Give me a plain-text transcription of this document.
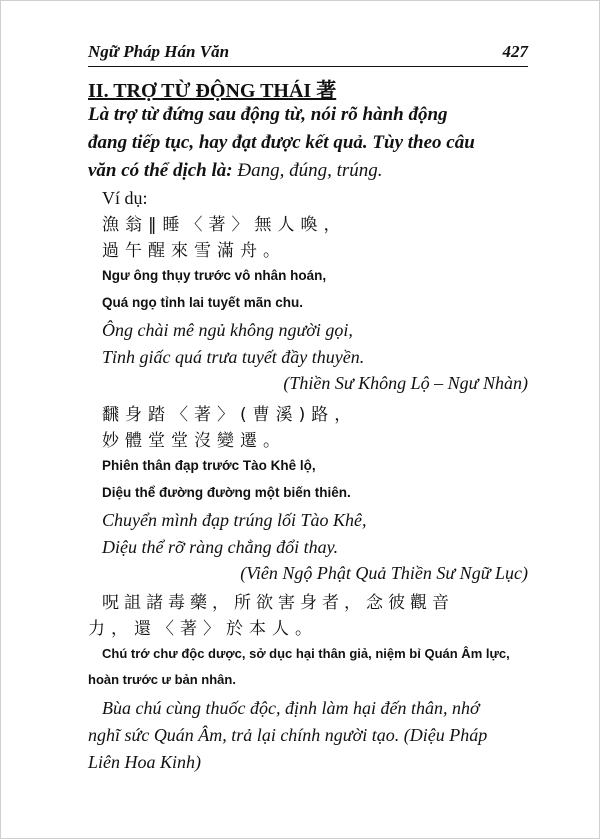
Ngữ Pháp Hán Văn	427
II. TRỢ TỪ ĐỘNG THÁI 著
Là trợ từ đứng sau động từ, nói rõ hành động
đang tiếp tục, hay đạt được kết quả. Tùy theo câu
văn có thể dịch là: Đang, đúng, trúng.
Ví dụ:
漁翁‖睡〈著〉無人喚，
過午醒來雪滿舟。
Ngư ông thụy trước vô nhân hoán,
Quá ngọ tỉnh lai tuyết mãn chu.
Ông chài mê ngủ không người gọi,
Tỉnh giấc quá trưa tuyết đầy thuyền.
(Thiền Sư Không Lộ – Ngư Nhàn)
飜身踏〈著〉(曹溪)路，
妙體堂堂沒變遷。
Phiên thân đạp trước Tào Khê lộ,
Diệu thể đường đường một biến thiên.
Chuyển mình đạp trúng lối Tào Khê,
Diệu thể rỡ ràng chẳng đổi thay.
(Viên Ngộ Phật Quả Thiền Sư Ngữ Lục)
呪詛諸毒藥，所欲害身者，念彼觀音
力，還〈著〉於本人。
Chú trớ chư độc dược, sở dục hại thân giả, niệm bỉ Quán Âm lực,
hoàn trước ư bản nhân.
Bùa chú cùng thuốc độc, định làm hại đến thân, nhớ
nghĩ sức Quán Âm, trả lại chính người tạo. (Diệu Pháp
Liên Hoa Kinh)
